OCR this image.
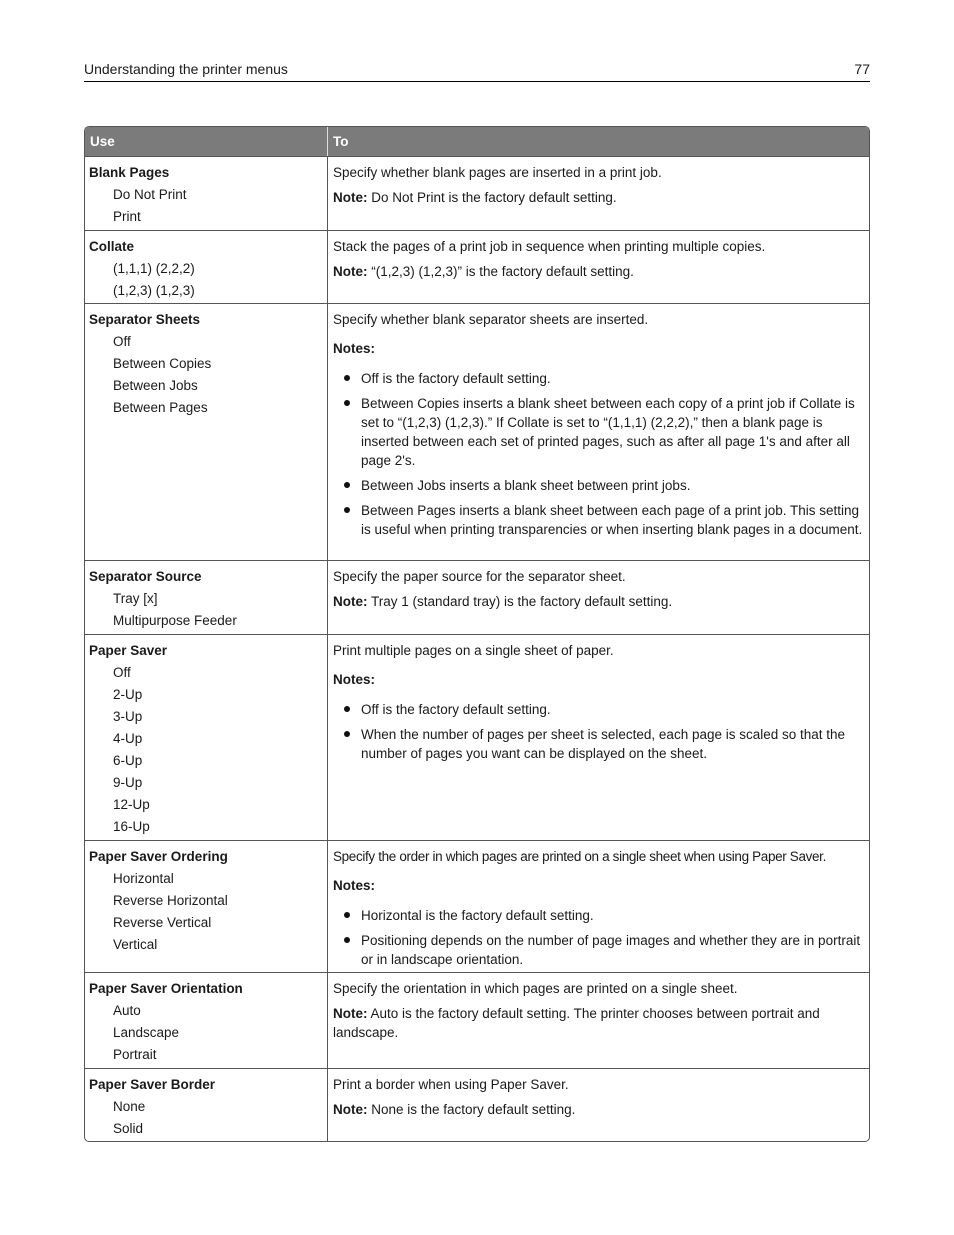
Understanding the printer menus	77
Use	To
Blank Pages
Do Not Print
Print
Specify whether blank pages are inserted in a print job.
Note: Do Not Print is the factory default setting.
Collate
(1,1,1) (2,2,2)
(1,2,3) (1,2,3)
Stack the pages of a print job in sequence when printing multiple copies.
Note: “(1,2,3) (1,2,3)” is the factory default setting.
Separator Sheets
Off
Between Copies
Between Jobs
Between Pages
Specify whether blank separator sheets are inserted.
Notes:
Off is the factory default setting.
Between Copies inserts a blank sheet between each copy of a print job if Collate is set to “(1,2,3) (1,2,3).” If Collate is set to “(1,1,1) (2,2,2),” then a blank page is inserted between each set of printed pages, such as after all page 1's and after all page 2's.
Between Jobs inserts a blank sheet between print jobs.
Between Pages inserts a blank sheet between each page of a print job. This setting is useful when printing transparencies or when inserting blank pages in a document.
Separator Source
Tray [x]
Multipurpose Feeder
Specify the paper source for the separator sheet.
Note: Tray 1 (standard tray) is the factory default setting.
Paper Saver
Off
2‑Up
3‑Up
4‑Up
6‑Up
9‑Up
12‑Up
16‑Up
Print multiple pages on a single sheet of paper.
Notes:
Off is the factory default setting.
When the number of pages per sheet is selected, each page is scaled so that the number of pages you want can be displayed on the sheet.
Paper Saver Ordering
Horizontal
Reverse Horizontal
Reverse Vertical
Vertical
Specify the order in which pages are printed on a single sheet when using Paper Saver.
Notes:
Horizontal is the factory default setting.
Positioning depends on the number of page images and whether they are in portrait or in landscape orientation.
Paper Saver Orientation
Auto
Landscape
Portrait
Specify the orientation in which pages are printed on a single sheet.
Note: Auto is the factory default setting. The printer chooses between portrait and landscape.
Paper Saver Border
None
Solid
Print a border when using Paper Saver.
Note: None is the factory default setting.
